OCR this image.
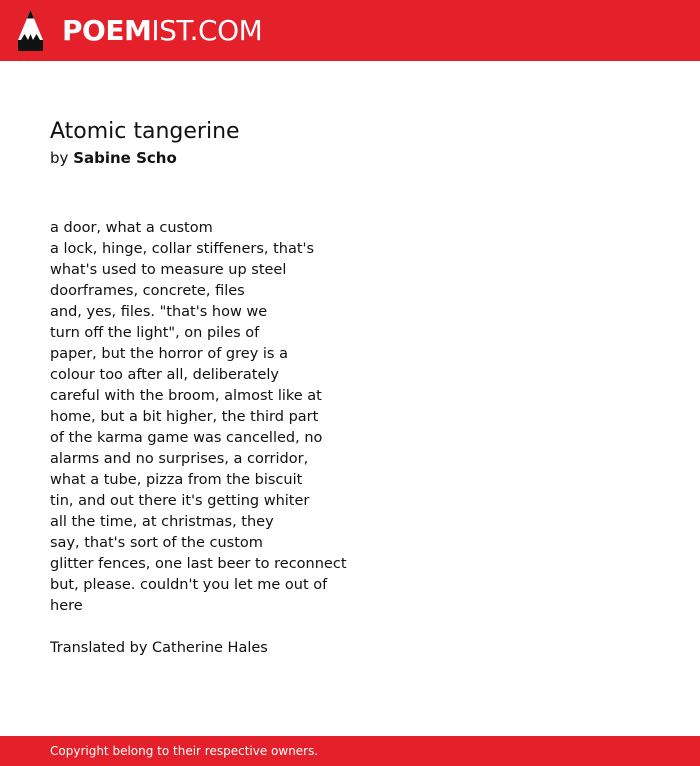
POEMIST.COM
Atomic tangerine
by Sabine Scho
a door, what a custom
a lock, hinge, collar stiffeners, that's
what's used to measure up steel
doorframes, concrete, files
and, yes, files. "that's how we
turn off the light", on piles of
paper, but the horror of grey is a
colour too after all, deliberately
careful with the broom, almost like at
home, but a bit higher, the third part
of the karma game was cancelled, no
alarms and no surprises, a corridor,
what a tube, pizza from the biscuit
tin, and out there it's getting whiter
all the time, at christmas, they
say, that's sort of the custom
glitter fences, one last beer to reconnect
but, please. couldn't you let me out of
here
Translated by Catherine Hales
Copyright belong to their respective owners.
